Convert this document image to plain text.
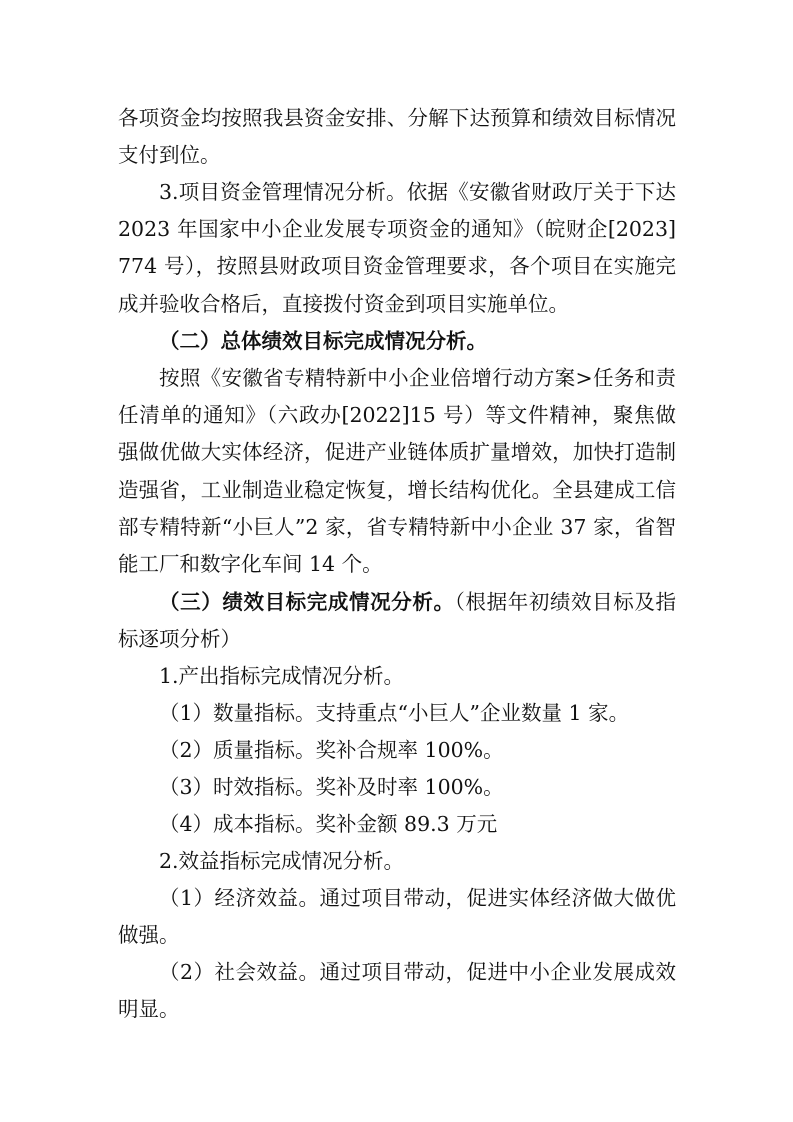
各项资金均按照我县资金安排、分解下达预算和绩效目标情况支付到位。

3.项目资金管理情况分析。依据《安徽省财政厅关于下达 2023 年国家中小企业发展专项资金的通知》（皖财企[2023]774 号），按照县财政项目资金管理要求，各个项目在实施完成并验收合格后，直接拨付资金到项目实施单位。

（二）总体绩效目标完成情况分析。

按照《安徽省专精特新中小企业倍增行动方案>任务和责任清单的通知》（六政办[2022]15 号）等文件精神，聚焦做强做优做大实体经济，促进产业链体质扩量增效，加快打造制造强省，工业制造业稳定恢复，增长结构优化。全县建成工信部专精特新“小巨人”2 家，省专精特新中小企业 37 家，省智能工厂和数字化车间 14 个。

（三）绩效目标完成情况分析。（根据年初绩效目标及指标逐项分析）

1.产出指标完成情况分析。

（1）数量指标。支持重点“小巨人”企业数量 1 家。

（2）质量指标。奖补合规率 100%。

（3）时效指标。奖补及时率 100%。

（4）成本指标。奖补金额 89.3 万元

2.效益指标完成情况分析。

（1）经济效益。通过项目带动，促进实体经济做大做优做强。

（2）社会效益。通过项目带动，促进中小企业发展成效明显。
